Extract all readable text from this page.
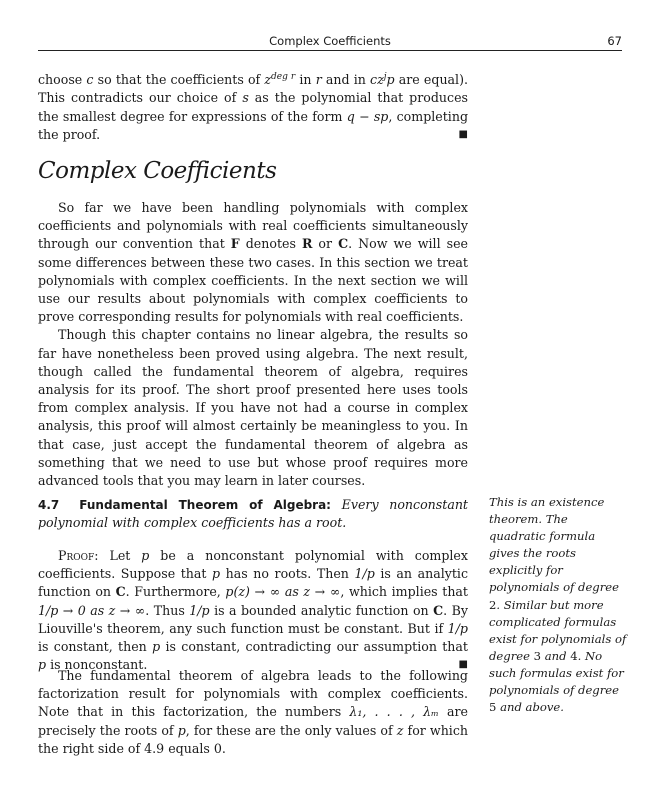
Complex Coefficients	67

choose c so that the coefficients of $z^{deg r}$ in r and in $cz^jp$ are equal). This contradicts our choice of s as the polynomial that produces the smallest degree for expressions of the form q − sp, completing the proof.	■

Complex Coefficients

So far we have been handling polynomials with complex coefficients and polynomials with real coefficients simultaneously through our convention that F denotes R or C. Now we will see some differences between these two cases. In this section we treat polynomials with complex coefficients. In the next section we will use our results about polynomials with complex coefficients to prove corresponding results for polynomials with real coefficients.

Though this chapter contains no linear algebra, the results so far have nonetheless been proved using algebra. The next result, though called the fundamental theorem of algebra, requires analysis for its proof. The short proof presented here uses tools from complex analysis. If you have not had a course in complex analysis, this proof will almost certainly be meaningless to you. In that case, just accept the fundamental theorem of algebra as something that we need to use but whose proof requires more advanced tools that you may learn in later courses.

4.7 Fundamental Theorem of Algebra: Every nonconstant polynomial with complex coefficients has a root.

Proof: Let p be a nonconstant polynomial with complex coefficients. Suppose that p has no roots. Then 1/p is an analytic function on C. Furthermore, p(z) → ∞ as z → ∞, which implies that 1/p → 0 as z → ∞. Thus 1/p is a bounded analytic function on C. By Liouville's theorem, any such function must be constant. But if 1/p is constant, then p is constant, contradicting our assumption that p is nonconstant.	■

The fundamental theorem of algebra leads to the following factorization result for polynomials with complex coefficients. Note that in this factorization, the numbers λ₁, . . . , λₘ are precisely the roots of p, for these are the only values of z for which the right side of 4.9 equals 0.

This is an existence theorem. The quadratic formula gives the roots explicitly for polynomials of degree 2. Similar but more complicated formulas exist for polynomials of degree 3 and 4. No such formulas exist for polynomials of degree 5 and above.
